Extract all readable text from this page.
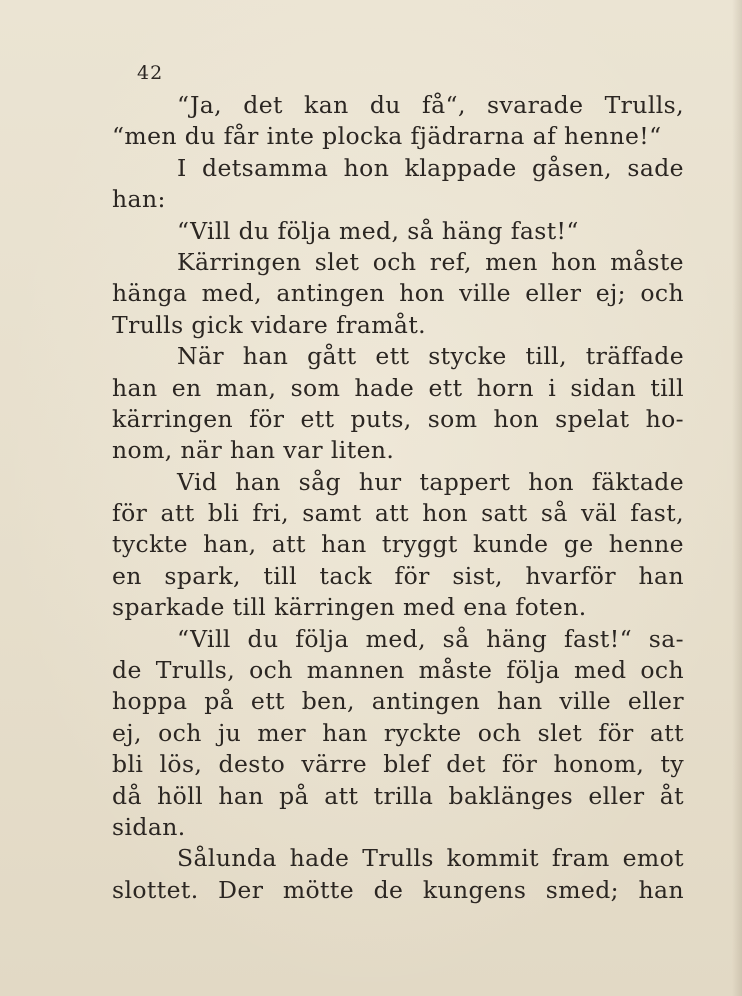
42
“Ja, det kan du få“, svarade Trulls,
“men du får inte plocka fjädrarna af henne!“
I detsamma hon klappade gåsen, sade
han:
“Vill du följa med, så häng fast!“
Kärringen slet och ref, men hon måste
hänga med, antingen hon ville eller ej; och
Trulls gick vidare framåt.
När han gått ett stycke till, träffade
han en man, som hade ett horn i sidan till
kärringen för ett puts, som hon spelat ho-
nom, när han var liten.
Vid han såg hur tappert hon fäktade
för att bli fri, samt att hon satt så väl fast,
tyckte han, att han tryggt kunde ge henne
en spark, till tack för sist, hvarför han
sparkade till kärringen med ena foten.
“Vill du följa med, så häng fast!“ sa-
de Trulls, och mannen måste följa med och
hoppa på ett ben, antingen han ville eller
ej, och ju mer han ryckte och slet för att
bli lös, desto värre blef det för honom, ty
då höll han på att trilla baklänges eller åt
sidan.
Sålunda hade Trulls kommit fram emot
slottet. Der mötte de kungens smed; han
